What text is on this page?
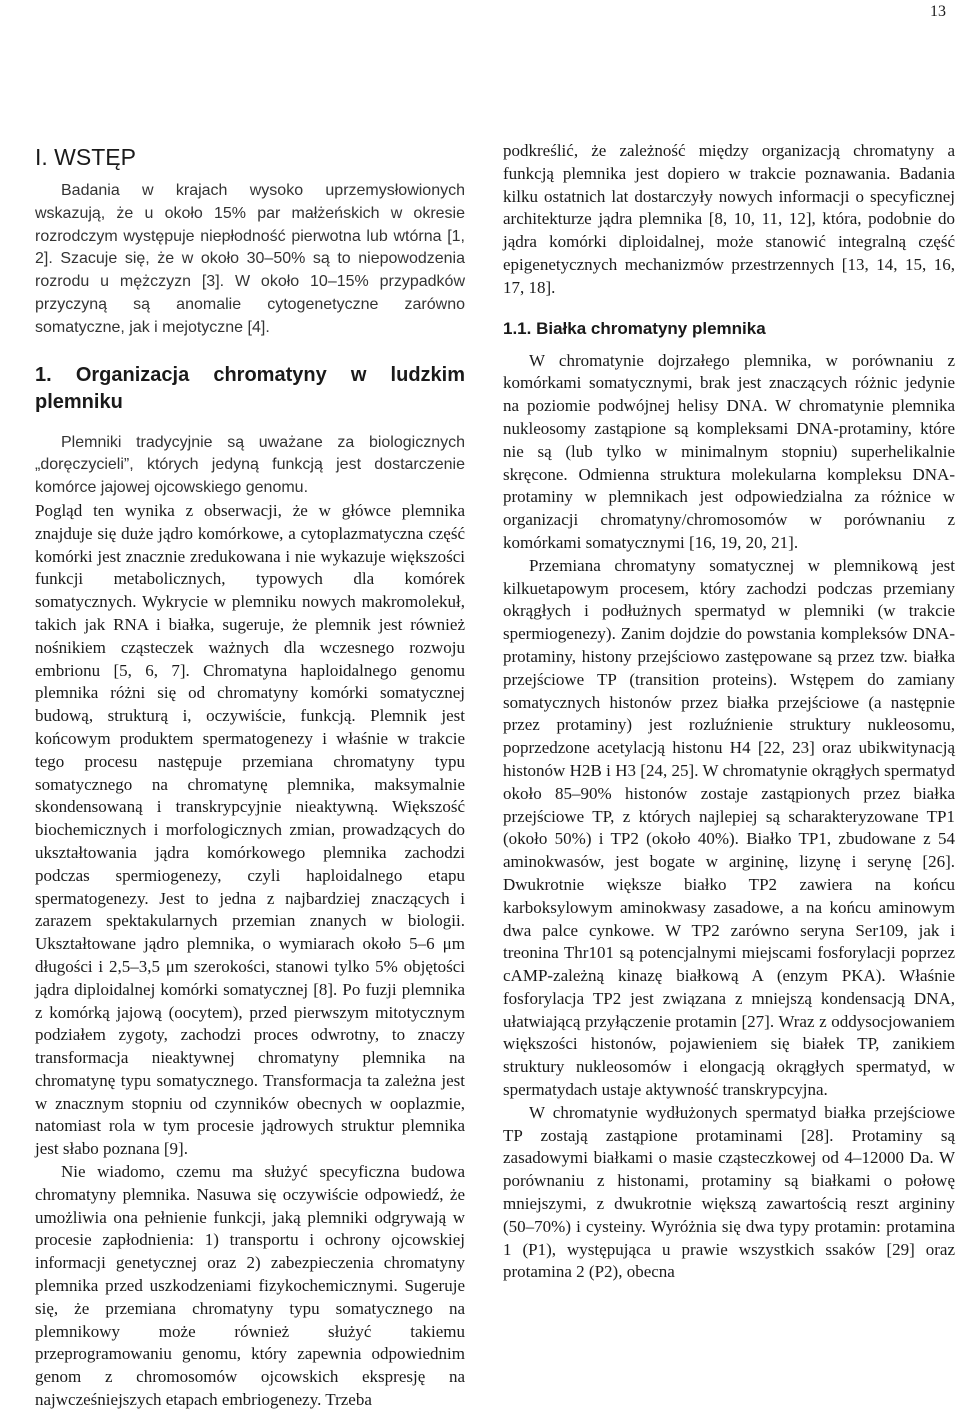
13
I. WSTĘP

Badania w krajach wysoko uprzemysłowionych wskazują, że u około 15% par małżeńskich w okresie rozrodczym występuje niepłodność pierwotna lub wtórna [1, 2]. Szacuje się, że w około 30–50% są to niepowodzenia rozrodu u mężczyzn [3]. W około 10–15% przypadków przyczyną są anomalie cytogenetyczne zarówno somatyczne, jak i mejotyczne [4].

1. Organizacja chromatyny w ludzkim plemniku

Plemniki tradycyjnie są uważane za biologicznych „doręczycieli”, których jedyną funkcją jest dostarczenie komórce jajowej ojcowskiego genomu.

Pogląd ten wynika z obserwacji, że w główce plemnika znajduje się duże jądro komórkowe, a cytoplazmatyczna część komórki jest znacznie zredukowana i nie wykazuje większości funkcji metabolicznych, typowych dla komórek somatycznych. Wykrycie w plemniku nowych makromolekuł, takich jak RNA i białka, sugeruje, że plemnik jest również nośnikiem cząsteczek ważnych dla wczesnego rozwoju embrionu [5, 6, 7]. Chromatyna haploidalnego genomu plemnika różni się od chromatyny komórki somatycznej budową, strukturą i, oczywiście, funkcją. Plemnik jest końcowym produktem spermatogenezy i właśnie w trakcie tego procesu następuje przemiana chromatyny typu somatycznego na chromatynę plemnika, maksymalnie skondensowaną i transkrypcyjnie nieaktywną. Większość biochemicznych i morfologicznych zmian, prowadzących do ukształtowania jądra komórkowego plemnika zachodzi podczas spermiogenezy, czyli haploidalnego etapu spermatogenezy. Jest to jedna z najbardziej znaczących i zarazem spektakularnych przemian znanych w biologii. Ukształtowane jądro plemnika, o wymiarach około 5–6 μm długości i 2,5–3,5 μm szerokości, stanowi tylko 5% objętości jądra diploidalnej komórki somatycznej [8]. Po fuzji plemnika z komórką jajową (oocytem), przed pierwszym mitotycznym podziałem zygoty, zachodzi proces odwrotny, to znaczy transformacja nieaktywnej chromatyny plemnika na chromatynę typu somatycznego. Transformacja ta zależna jest w znacznym stopniu od czynników obecnych w ooplazmie, natomiast rola w tym procesie jądrowych struktur plemnika jest słabo poznana [9].

Nie wiadomo, czemu ma służyć specyficzna budowa chromatyny plemnika. Nasuwa się oczywiście odpowiedź, że umożliwia ona pełnienie funkcji, jaką plemniki odgrywają w procesie zapłodnienia: 1) transportu i ochrony ojcowskiej informacji genetycznej oraz 2) zabezpieczenia chromatyny plemnika przed uszkodzeniami fizykochemicznymi. Sugeruje się, że przemiana chromatyny typu somatycznego na plemnikowy może również służyć takiemu przeprogramowaniu genomu, który zapewnia odpowiednim genom z chromosomów ojcowskich ekspresję na najwcześniejszych etapach embriogenezy. Trzeba

podkreślić, że zależność między organizacją chromatyny a funkcją plemnika jest dopiero w trakcie poznawania. Badania kilku ostatnich lat dostarczyły nowych informacji o specyficznej architekturze jądra plemnika [8, 10, 11, 12], która, podobnie do jądra komórki diploidalnej, może stanowić integralną część epigenetycznych mechanizmów przestrzennych [13, 14, 15, 16, 17, 18].

1.1. Białka chromatyny plemnika

W chromatynie dojrzałego plemnika, w porównaniu z komórkami somatycznymi, brak jest znaczących różnic jedynie na poziomie podwójnej helisy DNA. W chromatynie plemnika nukleosomy zastąpione są kompleksami DNA-protaminy, które nie są (lub tylko w minimalnym stopniu) superhelikalnie skręcone. Odmienna struktura molekularna kompleksu DNA-protaminy w plemnikach jest odpowiedzialna za różnice w organizacji chromatyny/chromosomów w porównaniu z komórkami somatycznymi [16, 19, 20, 21].

Przemiana chromatyny somatycznej w plemnikową jest kilkuetapowym procesem, który zachodzi podczas przemiany okrągłych i podłużnych spermatyd w plemniki (w trakcie spermiogenezy). Zanim dojdzie do powstania kompleksów DNA-protaminy, histony przejściowo zastępowane są przez tzw. białka przejściowe TP (transition proteins). Wstępem do zamiany somatycznych histonów przez białka przejściowe (a następnie przez protaminy) jest rozluźnienie struktury nukleosomu, poprzedzone acetylacją histonu H4 [22, 23] oraz ubikwitynacją histonów H2B i H3 [24, 25]. W chromatynie okrągłych spermatyd około 85–90% histonów zostaje zastąpionych przez białka przejściowe TP, z których najlepiej są scharakteryzowane TP1 (około 50%) i TP2 (około 40%). Białko TP1, zbudowane z 54 aminokwasów, jest bogate w argininę, lizynę i serynę [26]. Dwukrotnie większe białko TP2 zawiera na końcu karboksylowym aminokwasy zasadowe, a na końcu aminowym dwa palce cynkowe. W TP2 zarówno seryna Ser109, jak i treonina Thr101 są potencjalnymi miejscami fosforylacji poprzez cAMP-zależną kinazę białkową A (enzym PKA). Właśnie fosforylacja TP2 jest związana z mniejszą kondensacją DNA, ułatwiającą przyłączenie protamin [27]. Wraz z oddysocjowaniem większości histonów, pojawieniem się białek TP, zanikiem struktury nukleosomów i elongacją okrągłych spermatyd, w spermatydach ustaje aktywność transkrypcyjna.

W chromatynie wydłużonych spermatyd białka przejściowe TP zostają zastąpione protaminami [28]. Protaminy są zasadowymi białkami o masie cząsteczkowej od 4–12000 Da. W porównaniu z histonami, protaminy są białkami o połowę mniejszymi, z dwukrotnie większą zawartością reszt argininy (50–70%) i cysteiny. Wyróżnia się dwa typy protamin: protamina 1 (P1), występująca u prawie wszystkich ssaków [29] oraz protamina 2 (P2), obecna
